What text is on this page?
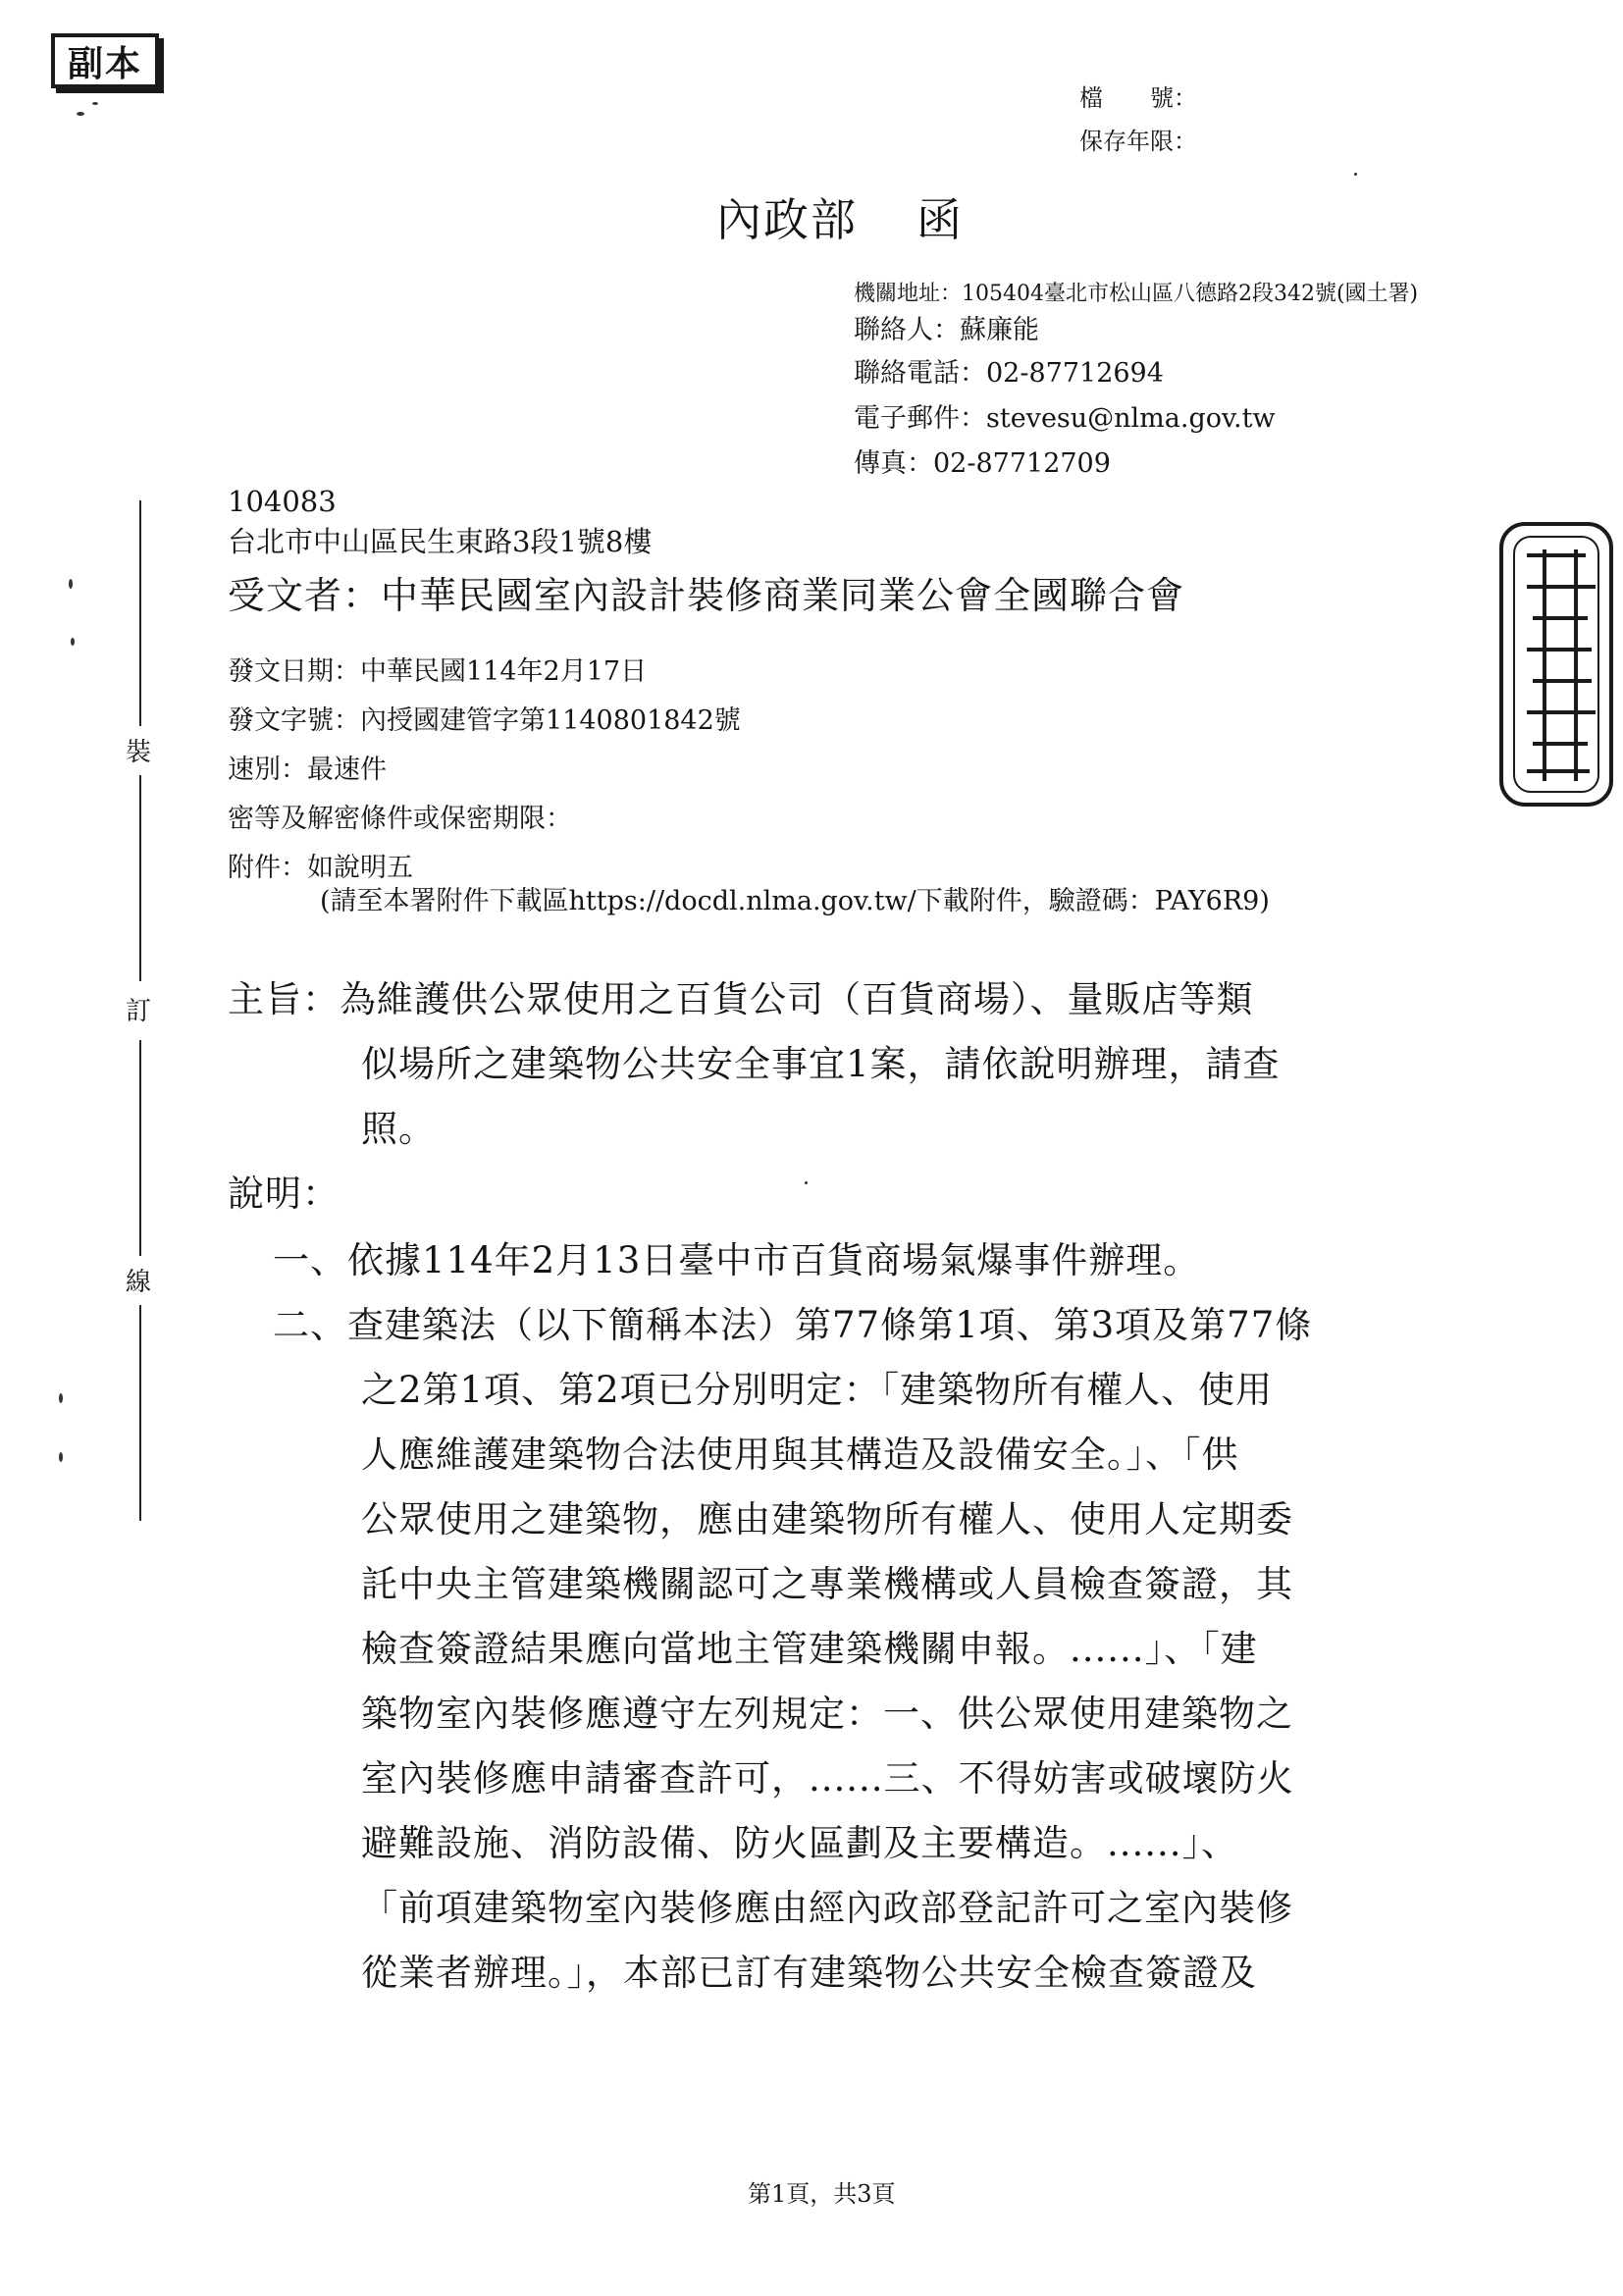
副本
檔　　號：
保存年限：
內政部 函
機關地址：105404臺北市松山區八德路2段342號(國土署)
聯絡人：蘇廉能
聯絡電話：02-87712694
電子郵件：stevesu@nlma.gov.tw
傳真：02-87712709
104083
台北市中山區民生東路3段1號8樓
受文者：中華民國室內設計裝修商業同業公會全國聯合會
發文日期：中華民國114年2月17日
發文字號：內授國建管字第1140801842號
速別：最速件
密等及解密條件或保密期限：
附件：如說明五
(請至本署附件下載區https://docdl.nlma.gov.tw/下載附件，驗證碼：PAY6R9)
主旨：為維護供公眾使用之百貨公司（百貨商場）、量販店等類
似場所之建築物公共安全事宜1案，請依說明辦理，請查
照。
說明：
一、依據114年2月13日臺中市百貨商場氣爆事件辦理。
二、查建築法（以下簡稱本法）第77條第1項、第3項及第77條
之2第1項、第2項已分別明定：「建築物所有權人、使用
人應維護建築物合法使用與其構造及設備安全。」、「供
公眾使用之建築物，應由建築物所有權人、使用人定期委
託中央主管建築機關認可之專業機構或人員檢查簽證，其
檢查簽證結果應向當地主管建築機關申報。......」、「建
築物室內裝修應遵守左列規定：一、供公眾使用建築物之
室內裝修應申請審查許可，......三、不得妨害或破壞防火
避難設施、消防設備、防火區劃及主要構造。......」、
「前項建築物室內裝修應由經內政部登記許可之室內裝修
從業者辦理。」，本部已訂有建築物公共安全檢查簽證及
第1頁，共3頁
裝
訂
線
